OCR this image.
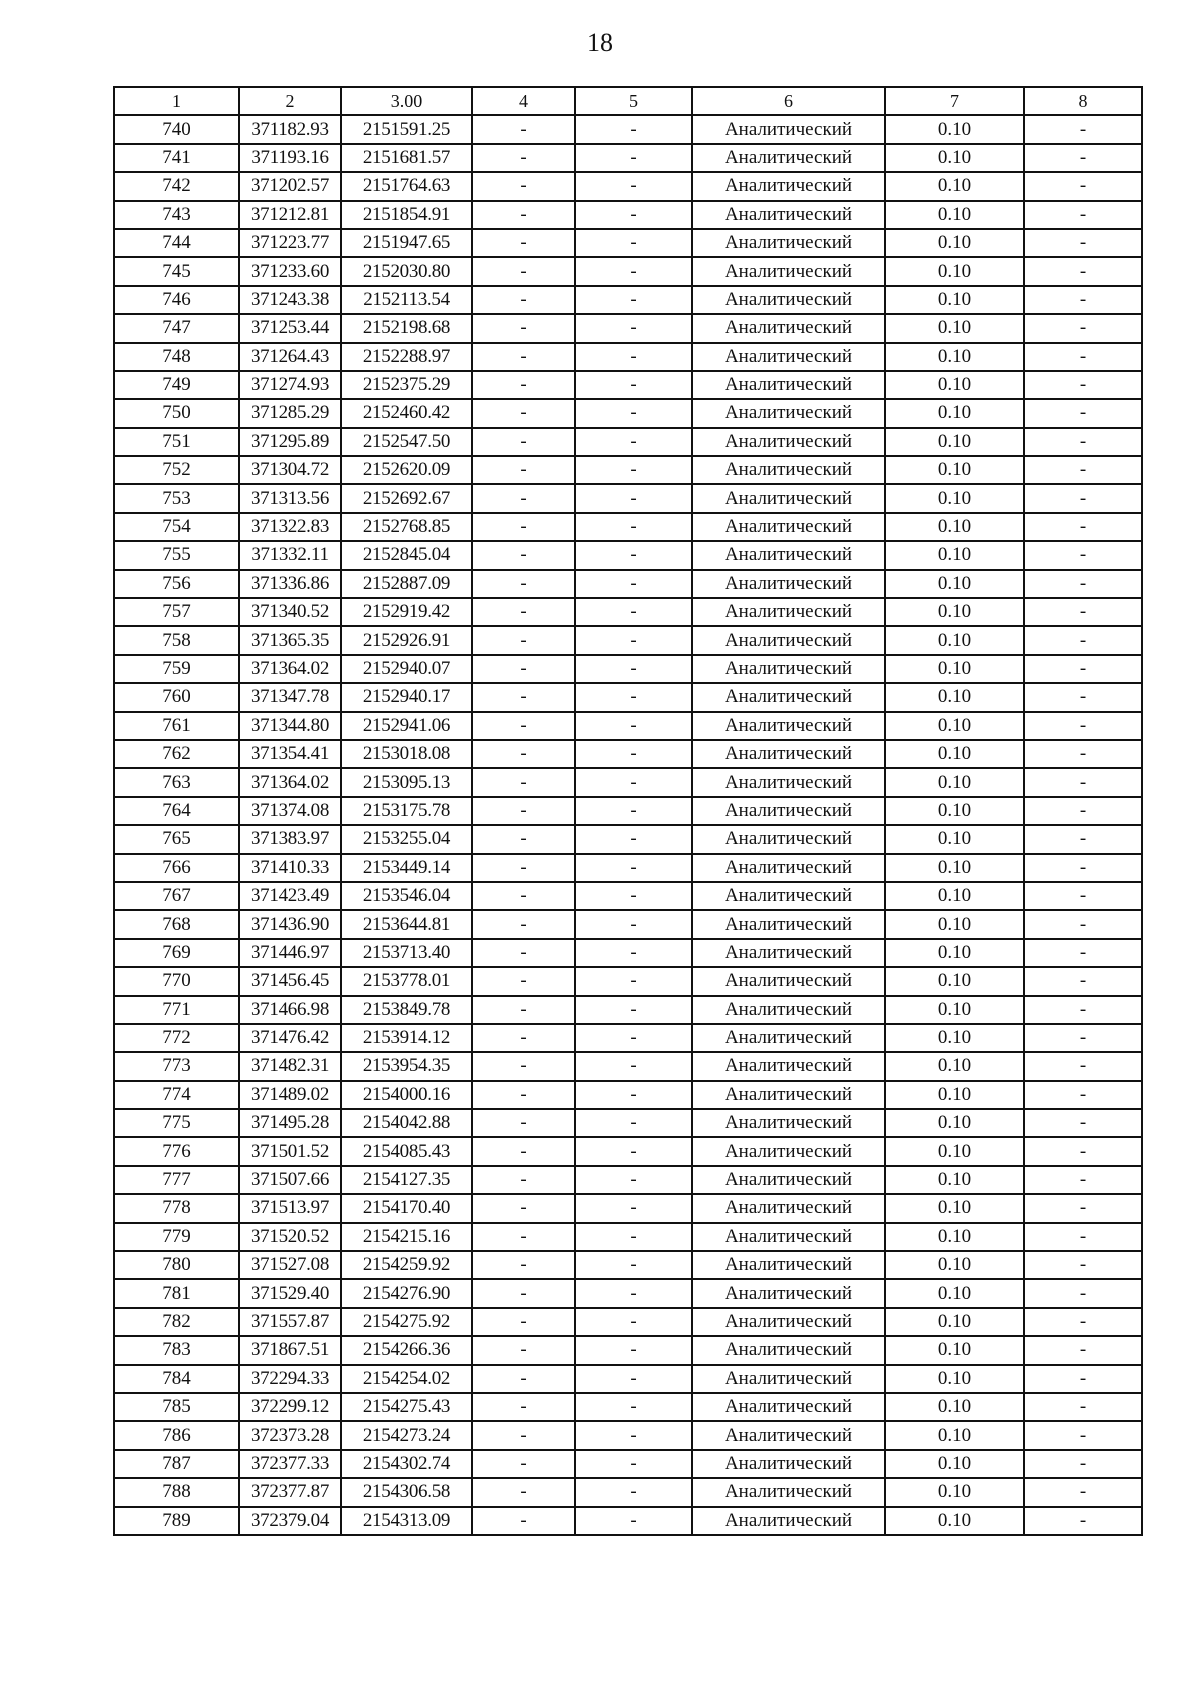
18
1	2	3.00	4	5	6	7	8
740	371182.93	2151591.25	-	-	Аналитический	0.10	-
741	371193.16	2151681.57	-	-	Аналитический	0.10	-
742	371202.57	2151764.63	-	-	Аналитический	0.10	-
743	371212.81	2151854.91	-	-	Аналитический	0.10	-
744	371223.77	2151947.65	-	-	Аналитический	0.10	-
745	371233.60	2152030.80	-	-	Аналитический	0.10	-
746	371243.38	2152113.54	-	-	Аналитический	0.10	-
747	371253.44	2152198.68	-	-	Аналитический	0.10	-
748	371264.43	2152288.97	-	-	Аналитический	0.10	-
749	371274.93	2152375.29	-	-	Аналитический	0.10	-
750	371285.29	2152460.42	-	-	Аналитический	0.10	-
751	371295.89	2152547.50	-	-	Аналитический	0.10	-
752	371304.72	2152620.09	-	-	Аналитический	0.10	-
753	371313.56	2152692.67	-	-	Аналитический	0.10	-
754	371322.83	2152768.85	-	-	Аналитический	0.10	-
755	371332.11	2152845.04	-	-	Аналитический	0.10	-
756	371336.86	2152887.09	-	-	Аналитический	0.10	-
757	371340.52	2152919.42	-	-	Аналитический	0.10	-
758	371365.35	2152926.91	-	-	Аналитический	0.10	-
759	371364.02	2152940.07	-	-	Аналитический	0.10	-
760	371347.78	2152940.17	-	-	Аналитический	0.10	-
761	371344.80	2152941.06	-	-	Аналитический	0.10	-
762	371354.41	2153018.08	-	-	Аналитический	0.10	-
763	371364.02	2153095.13	-	-	Аналитический	0.10	-
764	371374.08	2153175.78	-	-	Аналитический	0.10	-
765	371383.97	2153255.04	-	-	Аналитический	0.10	-
766	371410.33	2153449.14	-	-	Аналитический	0.10	-
767	371423.49	2153546.04	-	-	Аналитический	0.10	-
768	371436.90	2153644.81	-	-	Аналитический	0.10	-
769	371446.97	2153713.40	-	-	Аналитический	0.10	-
770	371456.45	2153778.01	-	-	Аналитический	0.10	-
771	371466.98	2153849.78	-	-	Аналитический	0.10	-
772	371476.42	2153914.12	-	-	Аналитический	0.10	-
773	371482.31	2153954.35	-	-	Аналитический	0.10	-
774	371489.02	2154000.16	-	-	Аналитический	0.10	-
775	371495.28	2154042.88	-	-	Аналитический	0.10	-
776	371501.52	2154085.43	-	-	Аналитический	0.10	-
777	371507.66	2154127.35	-	-	Аналитический	0.10	-
778	371513.97	2154170.40	-	-	Аналитический	0.10	-
779	371520.52	2154215.16	-	-	Аналитический	0.10	-
780	371527.08	2154259.92	-	-	Аналитический	0.10	-
781	371529.40	2154276.90	-	-	Аналитический	0.10	-
782	371557.87	2154275.92	-	-	Аналитический	0.10	-
783	371867.51	2154266.36	-	-	Аналитический	0.10	-
784	372294.33	2154254.02	-	-	Аналитический	0.10	-
785	372299.12	2154275.43	-	-	Аналитический	0.10	-
786	372373.28	2154273.24	-	-	Аналитический	0.10	-
787	372377.33	2154302.74	-	-	Аналитический	0.10	-
788	372377.87	2154306.58	-	-	Аналитический	0.10	-
789	372379.04	2154313.09	-	-	Аналитический	0.10	-
